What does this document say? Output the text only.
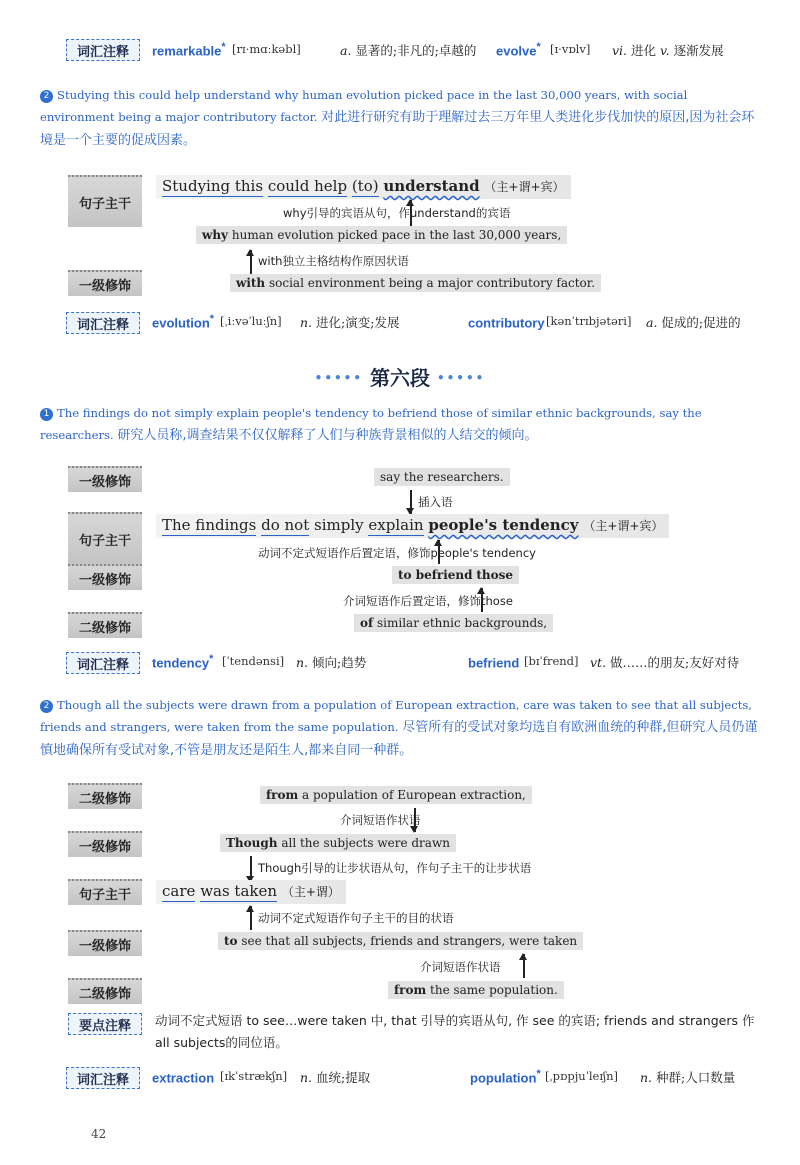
词汇注释	remarkable* [rɪ·mɑːkəbl]	a. 显著的;非凡的;卓越的 evolve* [ɪ·vɒlv] vi. 进化 v. 逐渐发展
2 Studying this could help understand why human evolution picked pace in the last 30,000 years, with social environment being a major contributory factor. 对此进行研究有助于理解过去三万年里人类进化步伐加快的原因,因为社会环境是一个主要的促成因素。
句子主干
Studying this could help (to) understand （主+谓+宾）
why引导的宾语从句，作understand的宾语
why human evolution picked pace in the last 30,000 years,
with独立主格结构作原因状语
一级修饰	with social environment being a major contributory factor.
词汇注释	evolution* [ˌiːvəˈluːʃn] n. 进化;演变;发展	contributory [kənˈtrɪbjətəri] a. 促成的;促进的
••••• 第六段 •••••
1 The findings do not simply explain people's tendency to befriend those of similar ethnic backgrounds, say the researchers. 研究人员称,调查结果不仅仅解释了人们与种族背景相似的人结交的倾向。
一级修饰	say the researchers.
插入语
句子主干
The findings do not simply explain people's tendency （主+谓+宾）
动词不定式短语作后置定语，修饰people's tendency
一级修饰	to befriend those
介词短语作后置定语，修饰those
二级修饰	of similar ethnic backgrounds,
词汇注释	tendency* [ˈtendənsi] n. 倾向;趋势	befriend [bɪˈfrend] vt. 做……的朋友;友好对待
2 Though all the subjects were drawn from a population of European extraction, care was taken to see that all subjects, friends and strangers, were taken from the same population. 尽管所有的受试对象均选自有欧洲血统的种群,但研究人员仍谨慎地确保所有受试对象,不管是朋友还是陌生人,都来自同一种群。
二级修饰	from a population of European extraction,
介词短语作状语
一级修饰	Though all the subjects were drawn
Though引导的让步状语从句，作句子主干的让步状语
句子主干	care was taken （主+谓）
动词不定式短语作句子主干的目的状语
一级修饰	to see that all subjects, friends and strangers, were taken
介词短语作状语
二级修饰	from the same population.
要点注释	动词不定式短语 to see…were taken 中, that 引导的宾语从句, 作 see 的宾语; friends and strangers 作 all subjects的同位语。
词汇注释	extraction [ɪkˈstrækʃn] n. 血统;提取	population* [ˌpɒpjuˈleɪʃn] n. 种群;人口数量
42
